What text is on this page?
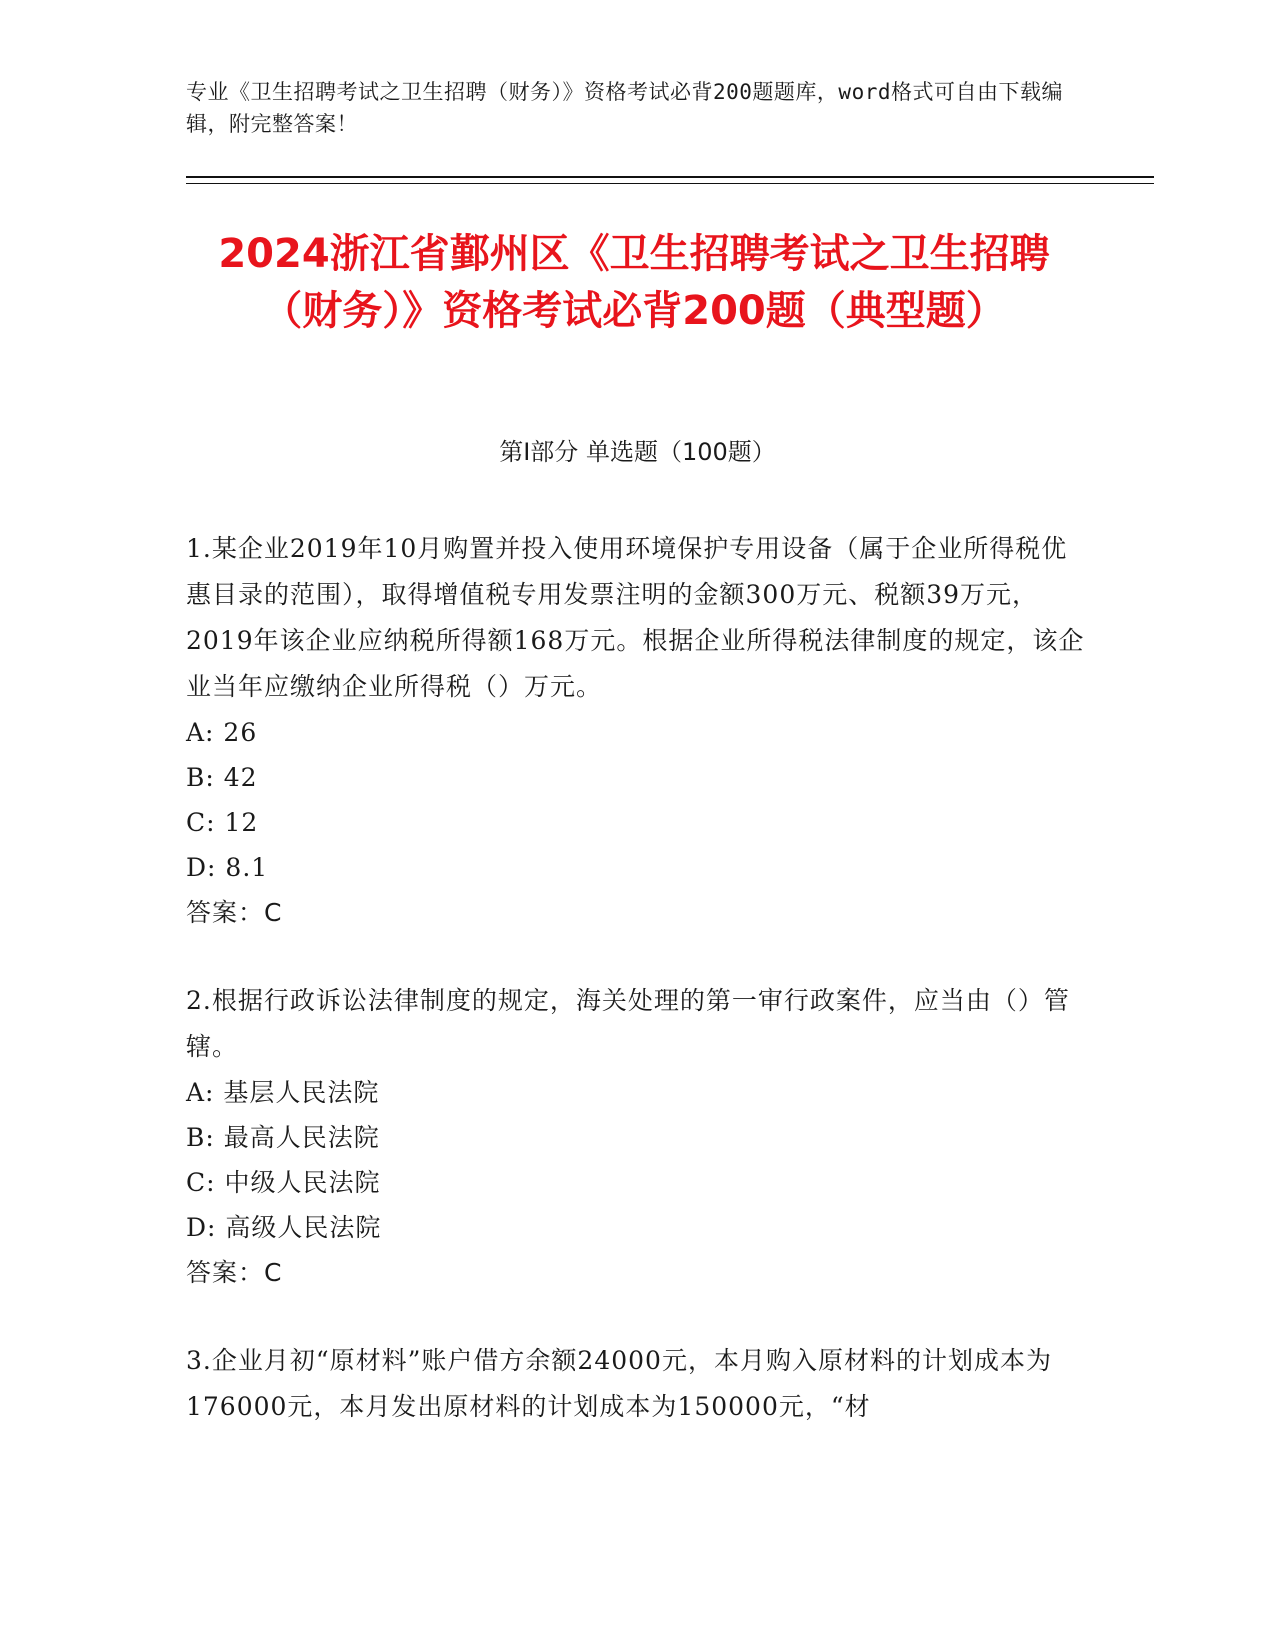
专业《卫生招聘考试之卫生招聘（财务）》资格考试必背200题题库，word格式可自由下载编辑，附完整答案！
2024浙江省鄞州区《卫生招聘考试之卫生招聘（财务）》资格考试必背200题（典型题）
第I部分 单选题（100题）
1.某企业2019年10月购置并投入使用环境保护专用设备（属于企业所得税优惠目录的范围），取得增值税专用发票注明的金额300万元、税额39万元，2019年该企业应纳税所得额168万元。根据企业所得税法律制度的规定，该企业当年应缴纳企业所得税（）万元。
A: 26
B: 42
C: 12
D: 8.1
答案：C
2.根据行政诉讼法律制度的规定，海关处理的第一审行政案件，应当由（）管辖。
A: 基层人民法院
B: 最高人民法院
C: 中级人民法院
D: 高级人民法院
答案：C
3.企业月初“原材料”账户借方余额24000元，本月购入原材料的计划成本为176000元，本月发出原材料的计划成本为150000元，“材
